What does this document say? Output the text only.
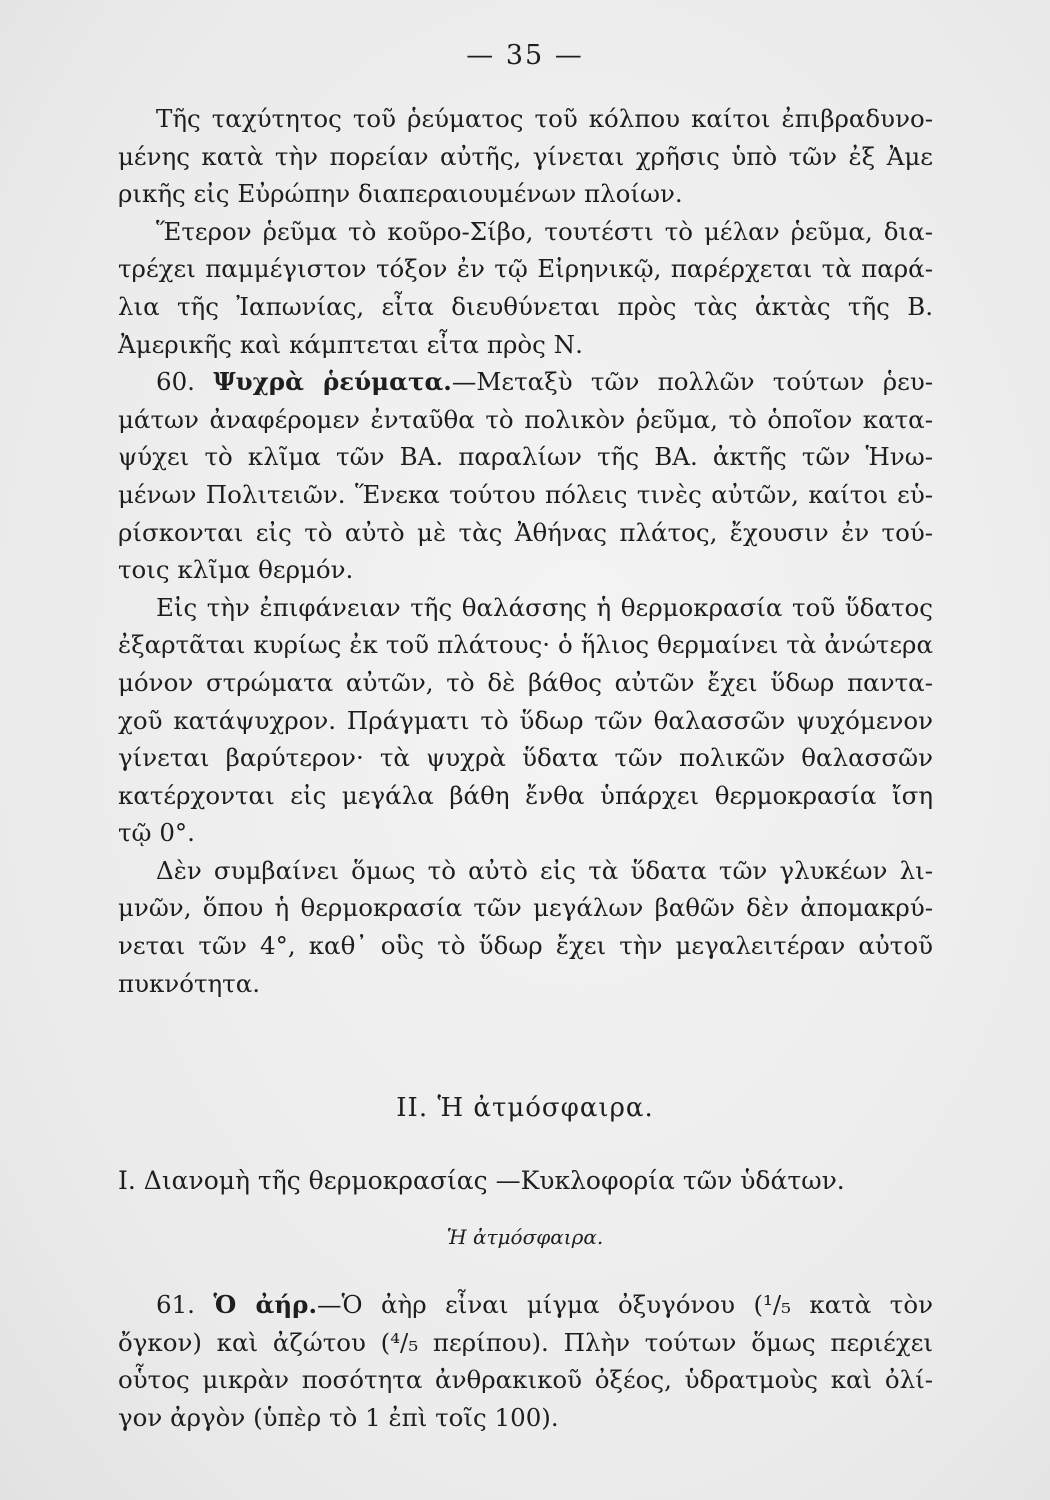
— 35 —
Τῆς ταχύτητος τοῦ ῥεύματος τοῦ κόλπου καίτοι ἐπιβραδυνο-
μένης κατὰ τὴν πορείαν αὐτῆς, γίνεται χρῆσις ὑπὸ τῶν ἐξ Ἀμε
ρικῆς εἰς Εὐρώπην διαπεραιουμένων πλοίων.
Ἕτερον ῥεῦμα τὸ κοῦρο-Σίβο, τουτέστι τὸ μέλαν ῥεῦμα, δια-
τρέχει παμμέγιστον τόξον ἐν τῷ Εἰρηνικῷ, παρέρχεται τὰ παρά-
λια τῆς Ἰαπωνίας, εἶτα διευθύνεται πρὸς τὰς ἀκτὰς τῆς Β.
Ἀμερικῆς καὶ κάμπτεται εἶτα πρὸς Ν.
60. Ψυχρὰ ῥεύματα.—Μεταξὺ τῶν πολλῶν τούτων ῥευ-
μάτων ἀναφέρομεν ἐνταῦθα τὸ πολικὸν ῥεῦμα, τὸ ὁποῖον κατα-
ψύχει τὸ κλῖμα τῶν ΒΑ. παραλίων τῆς ΒΑ. ἀκτῆς τῶν Ἡνω-
μένων Πολιτειῶν. Ἕνεκα τούτου πόλεις τινὲς αὐτῶν, καίτοι εὑ-
ρίσκονται εἰς τὸ αὐτὸ μὲ τὰς Ἀθήνας πλάτος, ἔχουσιν ἐν τού-
τοις κλῖμα θερμόν.
Εἰς τὴν ἐπιφάνειαν τῆς θαλάσσης ἡ θερμοκρασία τοῦ ὕδατος
ἐξαρτᾶται κυρίως ἐκ τοῦ πλάτους· ὁ ἥλιος θερμαίνει τὰ ἀνώτερα
μόνον στρώματα αὐτῶν, τὸ δὲ βάθος αὐτῶν ἔχει ὕδωρ παντα-
χοῦ κατάψυχρον. Πράγματι τὸ ὕδωρ τῶν θαλασσῶν ψυχόμενον
γίνεται βαρύτερον· τὰ ψυχρὰ ὕδατα τῶν πολικῶν θαλασσῶν
κατέρχονται εἰς μεγάλα βάθη ἔνθα ὑπάρχει θερμοκρασία ἴση
τῷ 0°.
Δὲν συμβαίνει ὅμως τὸ αὐτὸ εἰς τὰ ὕδατα τῶν γλυκέων λι-
μνῶν, ὅπου ἡ θερμοκρασία τῶν μεγάλων βαθῶν δὲν ἀπομακρύ-
νεται τῶν 4°, καθ᾽ οὓς τὸ ὕδωρ ἔχει τὴν μεγαλειτέραν αὐτοῦ
πυκνότητα.
II. Ἡ ἀτμόσφαιρα.
I. Διανομὴ τῆς θερμοκρασίας —Κυκλοφορία τῶν ὑδάτων.
Ἡ ἀτμόσφαιρα.
61. Ὁ ἀήρ.—Ὁ ἀὴρ εἶναι μίγμα ὀξυγόνου (¹/₅ κατὰ τὸν
ὄγκον) καὶ ἀζώτου (⁴/₅ περίπου). Πλὴν τούτων ὅμως περιέχει
οὗτος μικρὰν ποσότητα ἀνθρακικοῦ ὀξέος, ὑδρατμοὺς καὶ ὀλί-
γον ἀργὸν (ὑπὲρ τὸ 1 ἐπὶ τοῖς 100).
